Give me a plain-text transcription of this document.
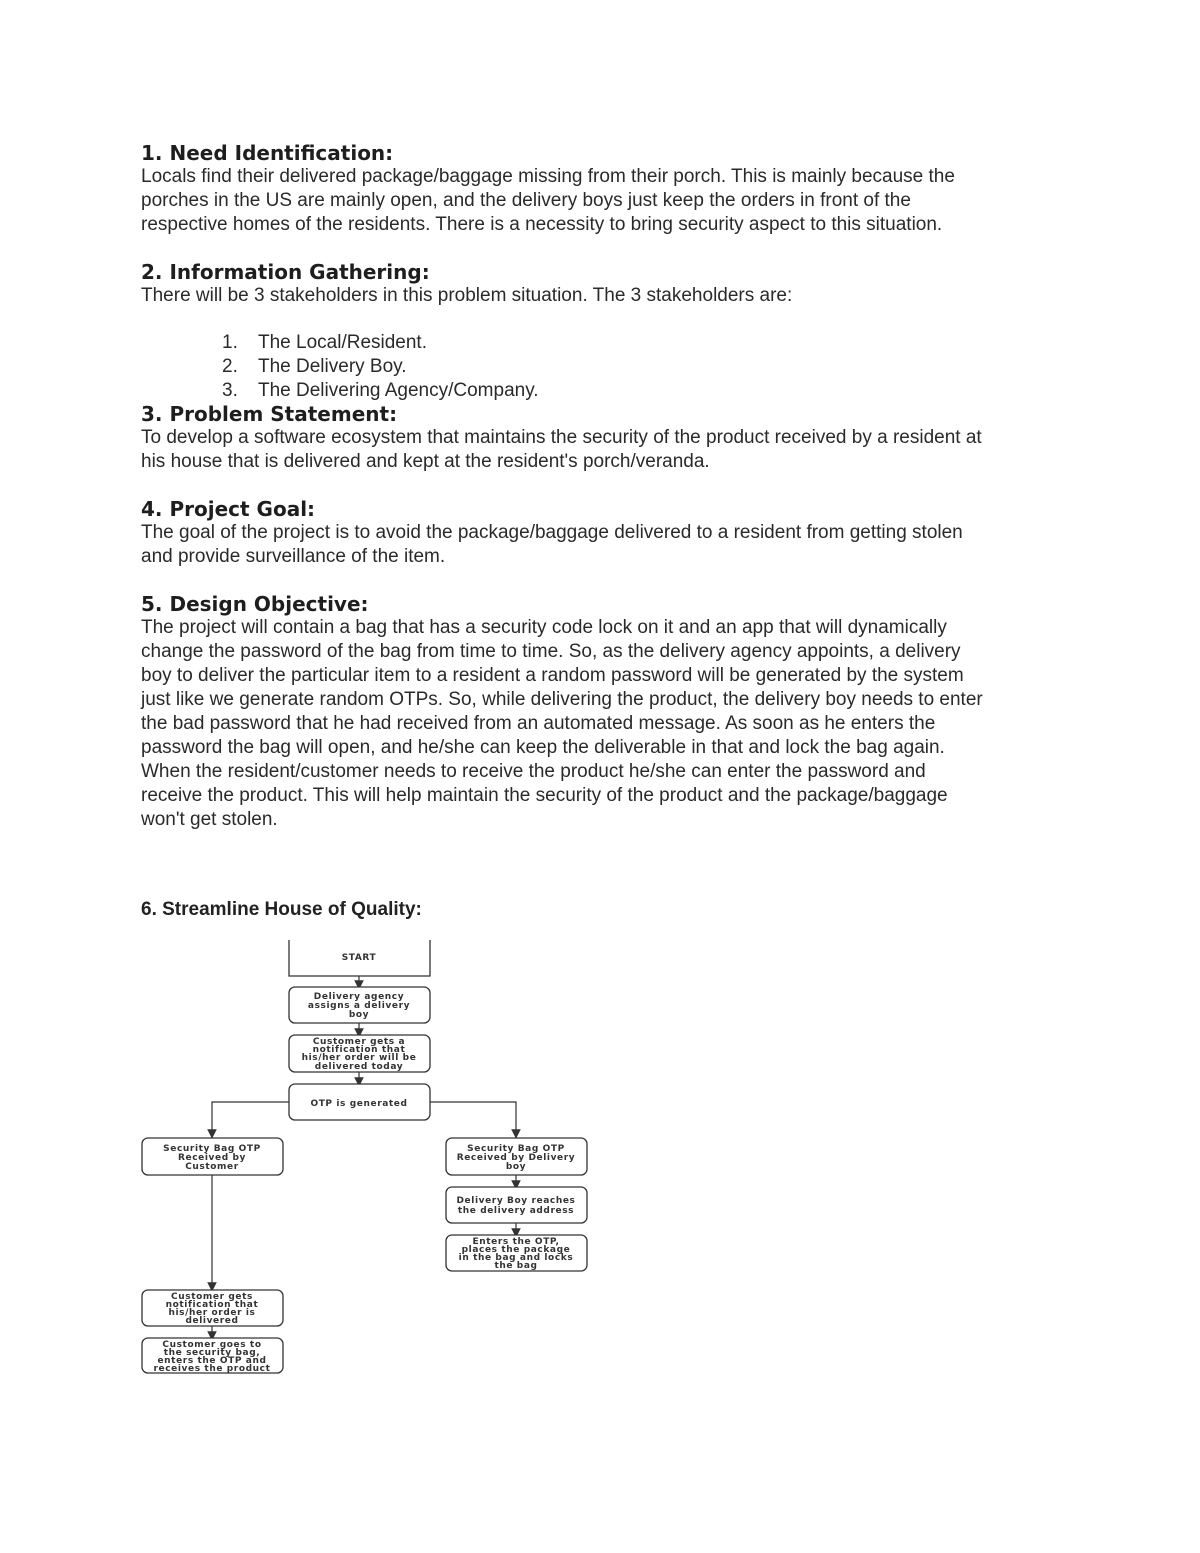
1. Need Identification:

Locals find their delivered package/baggage missing from their porch. This is mainly because the

porches in the US are mainly open, and the delivery boys just keep the orders in front of the

respective homes of the residents. There is a necessity to bring security aspect to this situation.

2. Information Gathering:

There will be 3 stakeholders in this problem situation. The 3 stakeholders are:

1.	The Local/Resident.
2.	The Delivery Boy.
3.	The Delivering Agency/Company.

3. Problem Statement:

To develop a software ecosystem that maintains the security of the product received by a resident at

his house that is delivered and kept at the resident's porch/veranda.

4. Project Goal:

The goal of the project is to avoid the package/baggage delivered to a resident from getting stolen

and provide surveillance of the item.

5. Design Objective:

The project will contain a bag that has a security code lock on it and an app that will dynamically

change the password of the bag from time to time. So, as the delivery agency appoints, a delivery

boy to deliver the particular item to a resident a random password will be generated by the system

just like we generate random OTPs. So, while delivering the product, the delivery boy needs to enter

the bad password that he had received from an automated message. As soon as he enters the

password the bag will open, and he/she can keep the deliverable in that and lock the bag again.

When the resident/customer needs to receive the product he/she can enter the password and

receive the product. This will help maintain the security of the product and the package/baggage

won't get stolen.

6. Streamline House of Quality:
START
Delivery agency
assigns a delivery
boy
Customer gets a
notification that
his/her order will be
delivered today
OTP is generated
Security Bag OTP
Received by
Customer
Security Bag OTP
Received by Delivery
boy
Delivery Boy reaches
the delivery address
Enters the OTP,
places the package
in the bag and locks
the bag
Customer gets
notification that
his/her order is
delivered
Customer goes to
the security bag,
enters the OTP and
receives the product
